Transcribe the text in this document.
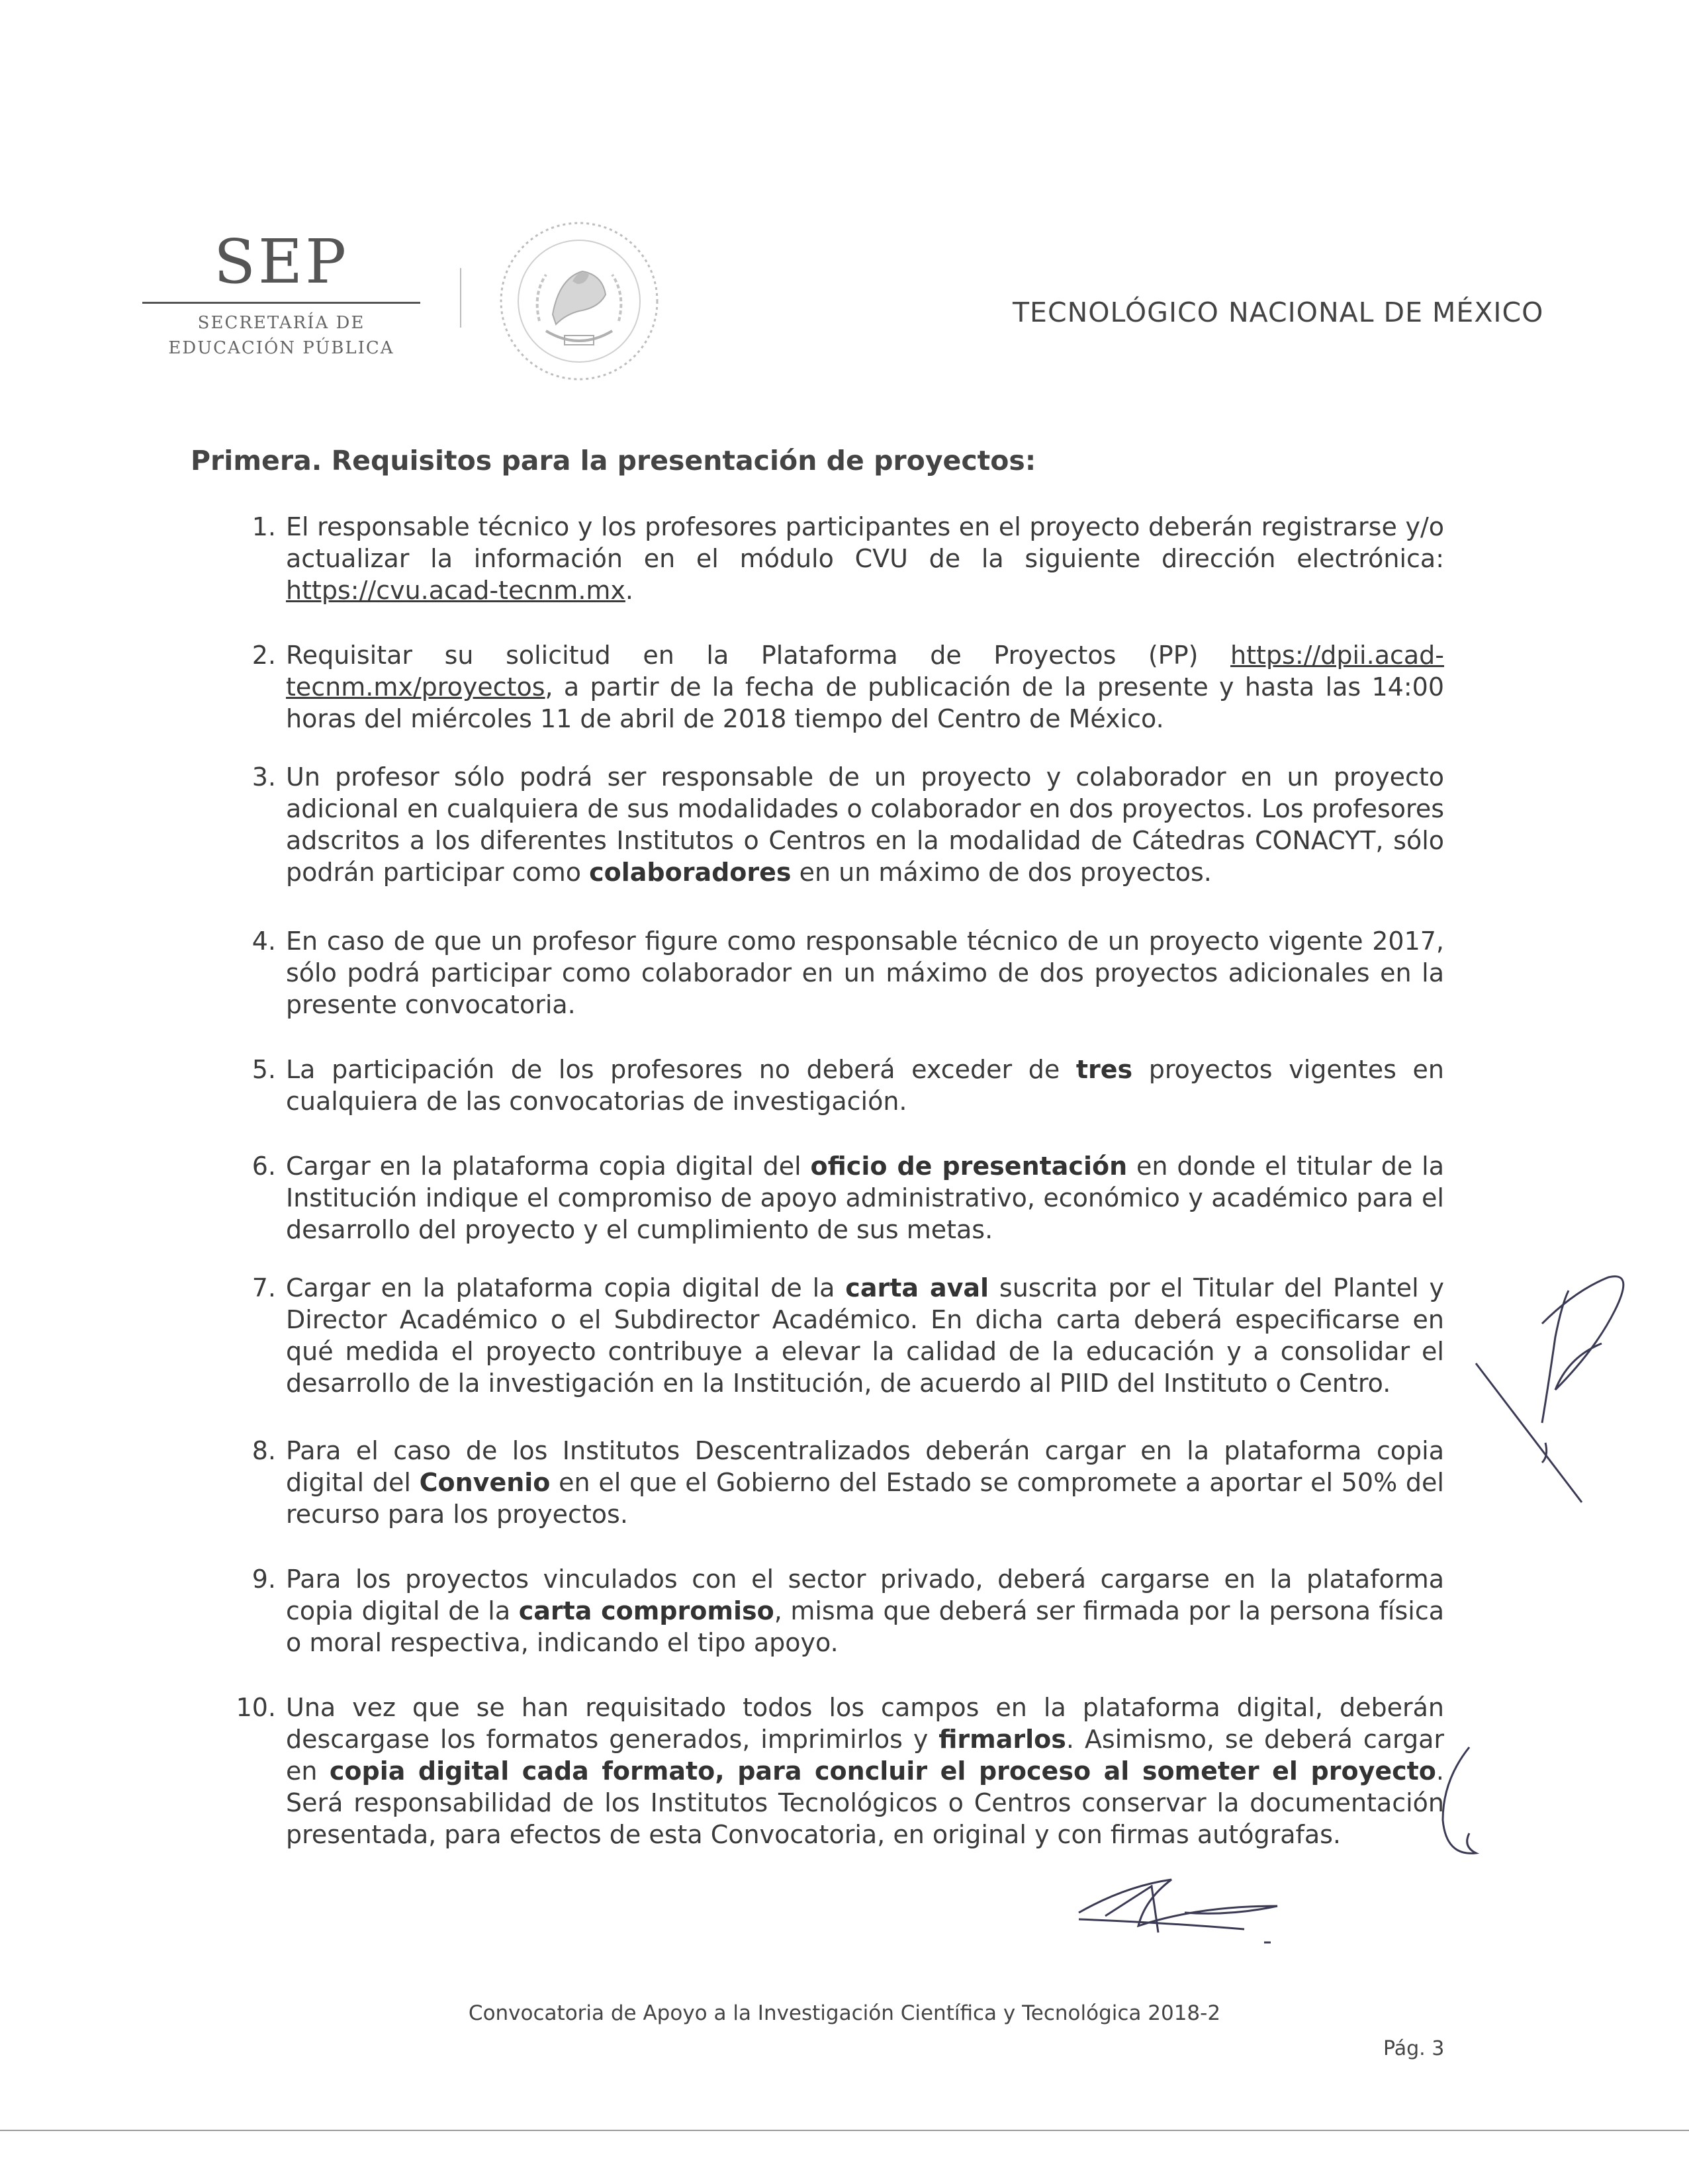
SEP
SECRETARÍA DE
EDUCACIÓN PÚBLICA
TECNOLÓGICO NACIONAL DE MÉXICO
Primera. Requisitos para la presentación de proyectos:
1. El responsable técnico y los profesores participantes en el proyecto deberán registrarse y/o actualizar la información en el módulo CVU de la siguiente dirección electrónica: https://cvu.acad-tecnm.mx.
2. Requisitar su solicitud en la Plataforma de Proyectos (PP) https://dpii.acad-tecnm.mx/proyectos, a partir de la fecha de publicación de la presente y hasta las 14:00 horas del miércoles 11 de abril de 2018 tiempo del Centro de México.
3. Un profesor sólo podrá ser responsable de un proyecto y colaborador en un proyecto adicional en cualquiera de sus modalidades o colaborador en dos proyectos. Los profesores adscritos a los diferentes Institutos o Centros en la modalidad de Cátedras CONACYT, sólo podrán participar como colaboradores en un máximo de dos proyectos.
4. En caso de que un profesor figure como responsable técnico de un proyecto vigente 2017, sólo podrá participar como colaborador en un máximo de dos proyectos adicionales en la presente convocatoria.
5. La participación de los profesores no deberá exceder de tres proyectos vigentes en cualquiera de las convocatorias de investigación.
6. Cargar en la plataforma copia digital del oficio de presentación en donde el titular de la Institución indique el compromiso de apoyo administrativo, económico y académico para el desarrollo del proyecto y el cumplimiento de sus metas.
7. Cargar en la plataforma copia digital de la carta aval suscrita por el Titular del Plantel y Director Académico o el Subdirector Académico. En dicha carta deberá especificarse en qué medida el proyecto contribuye a elevar la calidad de la educación y a consolidar el desarrollo de la investigación en la Institución, de acuerdo al PIID del Instituto o Centro.
8. Para el caso de los Institutos Descentralizados deberán cargar en la plataforma copia digital del Convenio en el que el Gobierno del Estado se compromete a aportar el 50% del recurso para los proyectos.
9. Para los proyectos vinculados con el sector privado, deberá cargarse en la plataforma copia digital de la carta compromiso, misma que deberá ser firmada por la persona física o moral respectiva, indicando el tipo apoyo.
10. Una vez que se han requisitado todos los campos en la plataforma digital, deberán descargase los formatos generados, imprimirlos y firmarlos. Asimismo, se deberá cargar en copia digital cada formato, para concluir el proceso al someter el proyecto. Será responsabilidad de los Institutos Tecnológicos o Centros conservar la documentación presentada, para efectos de esta Convocatoria, en original y con firmas autógrafas.
Convocatoria de Apoyo a la Investigación Científica y Tecnológica 2018-2
Pág. 3
